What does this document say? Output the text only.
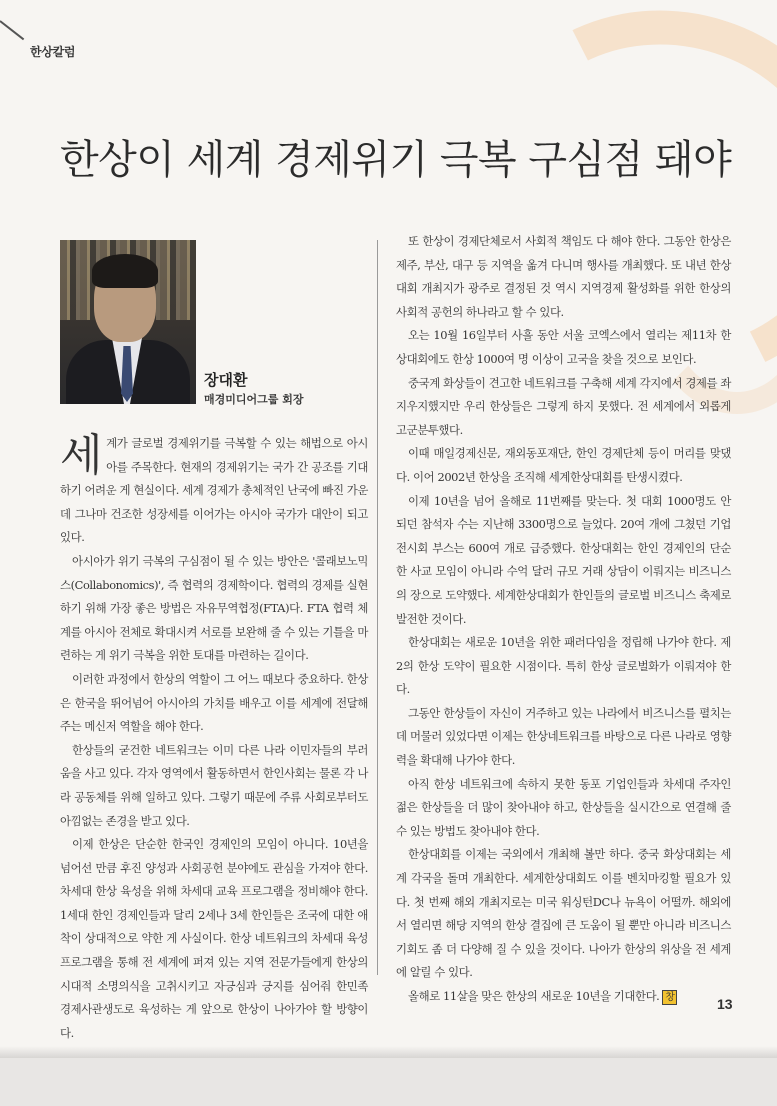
한상칼럼
한상이 세계 경제위기 극복 구심점 돼야
장대환
매경미디어그룹 회장

세계가 글로벌 경제위기를 극복할 수 있는 해법으로 아시아를 주목한다. 현재의 경제위기는 국가 간 공조를 기대하기 어려운 게 현실이다. 세계 경제가 총체적인 난국에 빠진 가운데 그나마 건조한 성장세를 이어가는 아시아 국가가 대안이 되고 있다.

아시아가 위기 극복의 구심점이 될 수 있는 방안은 '콜래보노믹스(Collabonomics)', 즉 협력의 경제학이다. 협력의 경제를 실현하기 위해 가장 좋은 방법은 자유무역협정(FTA)다. FTA 협력 체계를 아시아 전체로 확대시켜 서로를 보완해 줄 수 있는 기틀을 마련하는 게 위기 극복을 위한 토대를 마련하는 길이다.

이러한 과정에서 한상의 역할이 그 어느 때보다 중요하다. 한상은 한국을 뛰어넘어 아시아의 가치를 배우고 이를 세계에 전달해 주는 메신저 역할을 해야 한다.

한상들의 굳건한 네트워크는 이미 다른 나라 이민자들의 부러움을 사고 있다. 각자 영역에서 활동하면서 한인사회는 물론 각 나라 공동체를 위해 일하고 있다. 그렇기 때문에 주류 사회로부터도 아낌없는 존경을 받고 있다.

이제 한상은 단순한 한국인 경제인의 모임이 아니다. 10년을 넘어선 만큼 후진 양성과 사회공헌 분야에도 관심을 가져야 한다. 차세대 한상 육성을 위해 차세대 교육 프로그램을 정비해야 한다. 1세대 한인 경제인들과 달리 2세나 3세 한인들은 조국에 대한 애착이 상대적으로 약한 게 사실이다. 한상 네트워크의 차세대 육성 프로그램을 통해 전 세계에 퍼져 있는 지역 전문가들에게 한상의 시대적 소명의식을 고취시키고 자긍심과 긍지를 심어줘 한민족 경제사관생도로 육성하는 게 앞으로 한상이 나아가야 할 방향이다.

또 한상이 경제단체로서 사회적 책임도 다 해야 한다. 그동안 한상은 제주, 부산, 대구 등 지역을 옮겨 다니며 행사를 개최했다. 또 내년 한상 대회 개최지가 광주로 결정된 것 역시 지역경제 활성화를 위한 한상의 사회적 공헌의 하나라고 할 수 있다.

오는 10월 16일부터 사흘 동안 서울 코엑스에서 열리는 제11차 한상대회에도 한상 1000여 명 이상이 고국을 찾을 것으로 보인다.

중국계 화상들이 견고한 네트워크를 구축해 세계 각지에서 경제를 좌지우지했지만 우리 한상들은 그렇게 하지 못했다. 전 세계에서 외롭게 고군분투했다.

이때 매일경제신문, 재외동포재단, 한인 경제단체 등이 머리를 맞댔다. 이어 2002년 한상을 조직해 세계한상대회를 탄생시켰다.

이제 10년을 넘어 올해로 11번째를 맞는다. 첫 대회 1000명도 안 되던 참석자 수는 지난해 3300명으로 늘었다. 20여 개에 그쳤던 기업전시회 부스는 600여 개로 급증했다. 한상대회는 한인 경제인의 단순한 사교 모임이 아니라 수억 달러 규모 거래 상담이 이뤄지는 비즈니스의 장으로 도약했다. 세계한상대회가 한인들의 글로벌 비즈니스 축제로 발전한 것이다.

한상대회는 새로운 10년을 위한 패러다임을 정립해 나가야 한다. 제2의 한상 도약이 필요한 시점이다. 특히 한상 글로벌화가 이뤄져야 한다.

그동안 한상들이 자신이 거주하고 있는 나라에서 비즈니스를 펼치는데 머물러 있었다면 이제는 한상네트워크를 바탕으로 다른 나라로 영향력을 확대해 나가야 한다.

아직 한상 네트워크에 속하지 못한 동포 기업인들과 차세대 주자인 젊은 한상들을 더 많이 찾아내야 하고, 한상들을 실시간으로 연결해 줄 수 있는 방법도 찾아내야 한다.

한상대회를 이제는 국외에서 개최해 볼만 하다. 중국 화상대회는 세계 각국을 돌며 개최한다. 세계한상대회도 이를 벤치마킹할 필요가 있다. 첫 번째 해외 개최지로는 미국 워싱턴DC나 뉴욕이 어떨까. 해외에서 열리면 해당 지역의 한상 결집에 큰 도움이 될 뿐만 아니라 비즈니스 기회도 좀 더 다양해 질 수 있을 것이다. 나아가 한상의 위상을 전 세계에 알릴 수 있다.

올해로 11살을 맞은 한상의 새로운 10년을 기대한다. 창	13
